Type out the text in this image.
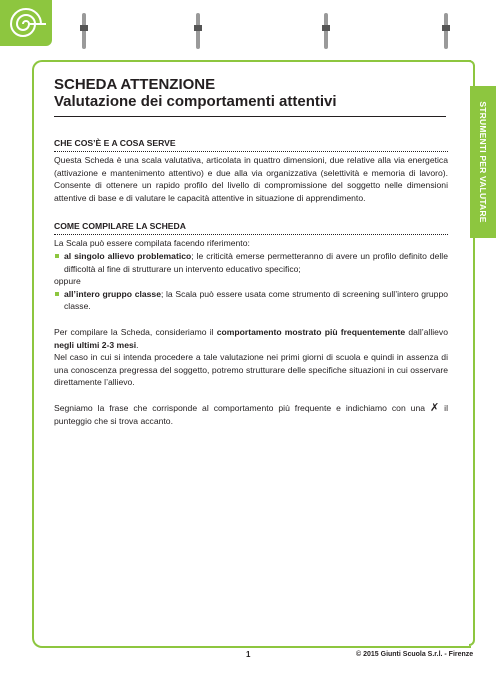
STRUMENTI PER VALUTARE
SCHEDA ATTENZIONE
Valutazione dei comportamenti attentivi
CHE COS’È E A COSA SERVE

Questa Scheda è una scala valutativa, articolata in quattro dimensioni, due relative alla via energetica (attivazione e mantenimento attentivo) e due alla via organizzativa (selettività e memoria di lavoro). Consente di ottenere un rapido profilo del livello di compromissione del soggetto nelle dimensioni attentive di base e di valutare le capacità attentive in situazione di apprendimento.

COME COMPILARE LA SCHEDA

La Scala può essere compilata facendo riferimento:

al singolo allievo problematico; le criticità emerse permetteranno di avere un profilo definito delle difficoltà al fine di strutturare un intervento educativo specifico;

oppure

all’intero gruppo classe; la Scala può essere usata come strumento di screening sull’intero gruppo classe.

Per compilare la Scheda, consideriamo il comportamento mostrato più frequentemente dall’allievo negli ultimi 2-3 mesi.

Nel caso in cui si intenda procedere a tale valutazione nei primi giorni di scuola e quindi in assenza di una conoscenza pregressa del soggetto, potremo strutturare delle specifiche situazioni in cui osservare direttamente l’allievo.

Segniamo la frase che corrisponde al comportamento più frequente e indichiamo con una ✗ il punteggio che si trova accanto.

1	© 2015 Giunti Scuola S.r.l. - Firenze
